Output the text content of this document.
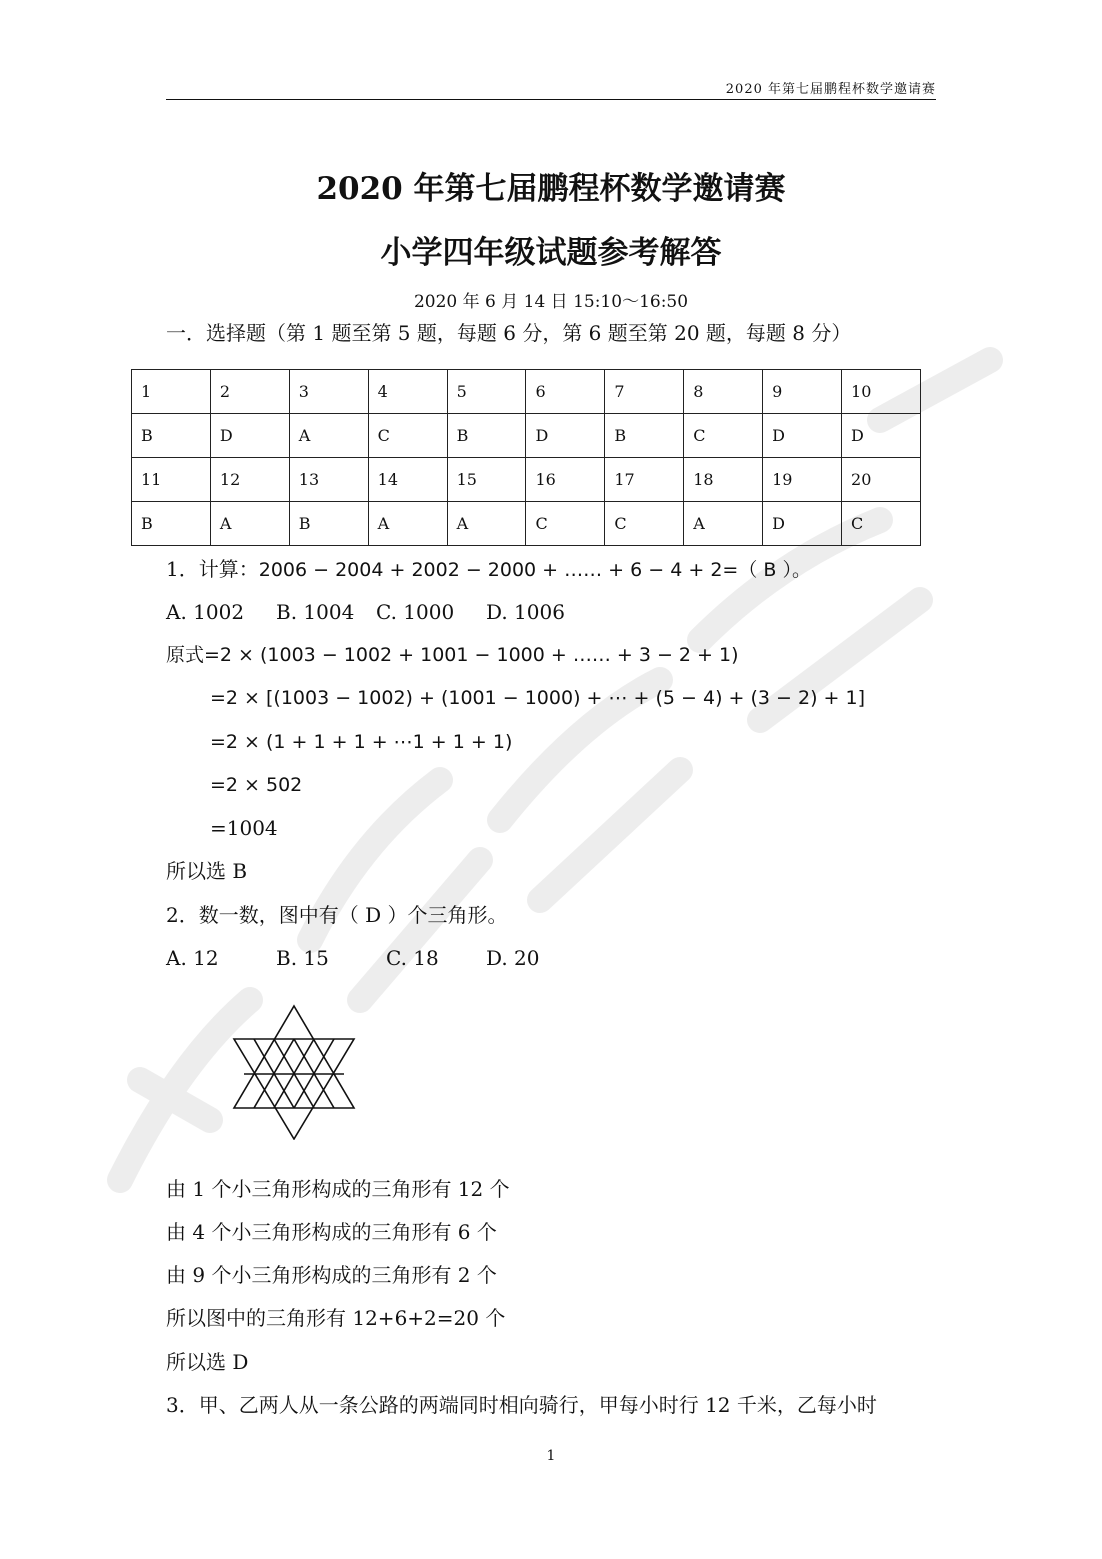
2020 年第七届鹏程杯数学邀请赛
2020 年第七届鹏程杯数学邀请赛
小学四年级试题参考解答
2020 年 6 月 14 日 15:10～16:50
一．选择题（第 1 题至第 5 题，每题 6 分，第 6 题至第 20 题，每题 8 分）
1	2	3	4	5	6	7	8	9	10
B	D	A	C	B	D	B	C	D	D
11	12	13	14	15	16	17	18	19	20
B	A	B	A	A	C	C	A	D	C
1．计算：2006 − 2004 + 2002 − 2000 + …… + 6 − 4 + 2=（ B ）。
A. 1002 B. 1004 C. 1000 D. 1006
原式=2 × (1003 − 1002 + 1001 − 1000 + …… + 3 − 2 + 1)
=2 × [(1003 − 1002) + (1001 − 1000) + ⋯ + (5 − 4) + (3 − 2) + 1]
=2 × (1 + 1 + 1 + ⋯1 + 1 + 1)
=2 × 502
=1004
所以选 B
2．数一数，图中有（ D ）个三角形。
A. 12	B. 15	C. 18 D. 20
由 1 个小三角形构成的三角形有 12 个
由 4 个小三角形构成的三角形有 6 个
由 9 个小三角形构成的三角形有 2 个
所以图中的三角形有 12+6+2=20 个
所以选 D
3．甲、乙两人从一条公路的两端同时相向骑行，甲每小时行 12 千米，乙每小时
1
